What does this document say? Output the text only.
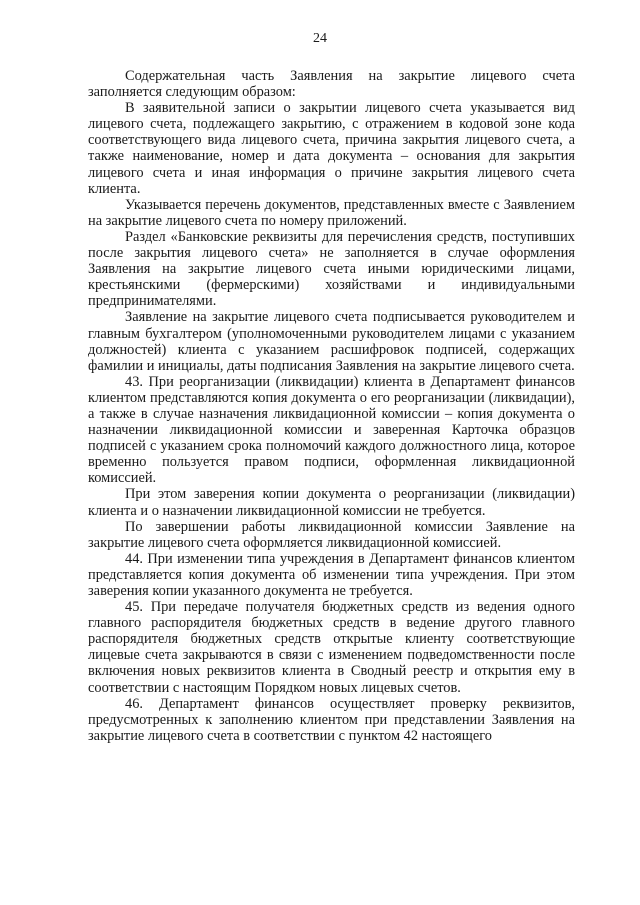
24

Содержательная часть Заявления на закрытие лицевого счета заполняется следующим образом:

В заявительной записи о закрытии лицевого счета указывается вид лицевого счета, подлежащего закрытию, с отражением в кодовой зоне кода соответствующего вида лицевого счета, причина закрытия лицевого счета, а также наименование, номер и дата документа – основания для закрытия лицевого счета и иная информация о причине закрытия лицевого счета клиента.

Указывается перечень документов, представленных вместе с Заявлением на закрытие лицевого счета по номеру приложений.

Раздел «Банковские реквизиты для перечисления средств, поступивших после закрытия лицевого счета» не заполняется в случае оформления Заявления на закрытие лицевого счета иными юридическими лицами, крестьянскими (фермерскими) хозяйствами и индивидуальными предпринимателями.

Заявление на закрытие лицевого счета подписывается руководителем и главным бухгалтером (уполномоченными руководителем лицами с указанием должностей) клиента с указанием расшифровок подписей, содержащих фамилии и инициалы, даты подписания Заявления на закрытие лицевого счета.

43. При реорганизации (ликвидации) клиента в Департамент финансов клиентом представляются копия документа о его реорганизации (ликвидации), а также в случае назначения ликвидационной комиссии – копия документа о назначении ликвидационной комиссии и заверенная Карточка образцов подписей с указанием срока полномочий каждого должностного лица, которое временно пользуется правом подписи, оформленная ликвидационной комиссией.

При этом заверения копии документа о реорганизации (ликвидации) клиента и о назначении ликвидационной комиссии не требуется.

По завершении работы ликвидационной комиссии Заявление на закрытие лицевого счета оформляется ликвидационной комиссией.

44. При изменении типа учреждения в Департамент финансов клиентом представляется копия документа об изменении типа учреждения. При этом заверения копии указанного документа не требуется.

45. При передаче получателя бюджетных средств из ведения одного главного распорядителя бюджетных средств в ведение другого главного распорядителя бюджетных средств открытые клиенту соответствующие лицевые счета закрываются в связи с изменением подведомственности после включения новых реквизитов клиента в Сводный реестр и открытия ему в соответствии с настоящим Порядком новых лицевых счетов.

46. Департамент финансов осуществляет проверку реквизитов, предусмотренных к заполнению клиентом при представлении Заявления на закрытие лицевого счета в соответствии с пунктом 42 настоящего
